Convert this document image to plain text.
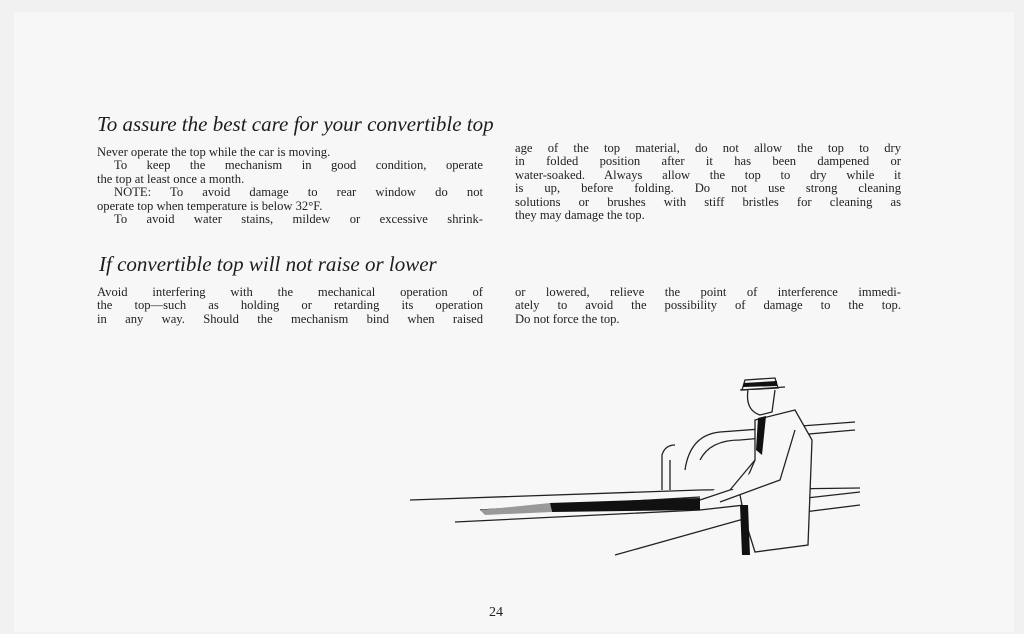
To assure the best care for your convertible top
Never operate the top while the car is moving.
To keep the mechanism in good condition, operate
the top at least once a month.
NOTE: To avoid damage to rear window do not
operate top when temperature is below 32°F.
To avoid water stains, mildew or excessive shrink-
age of the top material, do not allow the top to dry
in folded position after it has been dampened or
water-soaked. Always allow the top to dry while it
is up, before folding. Do not use strong cleaning
solutions or brushes with stiff bristles for cleaning as
they may damage the top.
If convertible top will not raise or lower
Avoid interfering with the mechanical operation of
the top—such as holding or retarding its operation
in any way. Should the mechanism bind when raised
or lowered, relieve the point of interference immedi-
ately to avoid the possibility of damage to the top.
Do not force the top.
24
